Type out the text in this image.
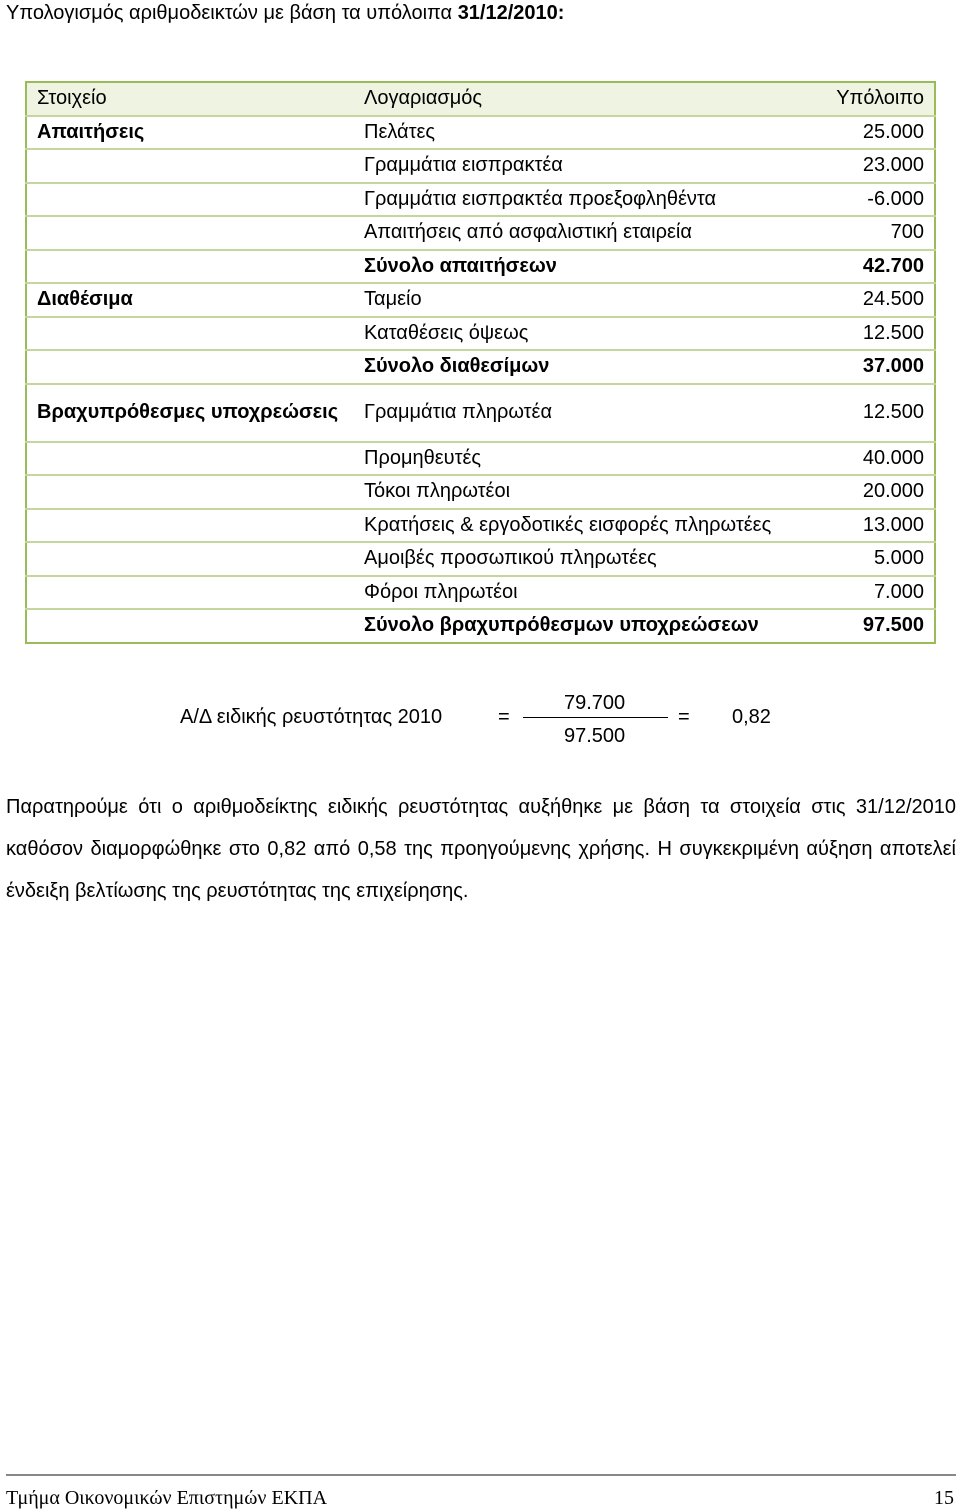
Υπολογισμός αριθμοδεικτών με βάση τα υπόλοιπα 31/12/2010:
Στοιχείο	Λογαριασμός	Υπόλοιπο
Απαιτήσεις	Πελάτες	25.000
	Γραμμάτια εισπρακτέα	23.000
	Γραμμάτια εισπρακτέα προεξοφληθέντα	-6.000
	Απαιτήσεις από ασφαλιστική εταιρεία	700
	Σύνολο απαιτήσεων	42.700
Διαθέσιμα	Ταμείο	24.500
	Καταθέσεις όψεως	12.500
	Σύνολο διαθεσίμων	37.000
Βραχυπρόθεσμες υποχρεώσεις	Γραμμάτια πληρωτέα	12.500
	Προμηθευτές	40.000
	Τόκοι πληρωτέοι	20.000
	Κρατήσεις & εργοδοτικές εισφορές πληρωτέες	13.000
	Αμοιβές προσωπικού πληρωτέες	5.000
	Φόροι πληρωτέοι	7.000
	Σύνολο βραχυπρόθεσμων υποχρεώσεων	97.500
Α/Δ ειδικής ρευστότητας 2010	=
79.700
97.500
= 0,82
Παρατηρούμε ότι ο αριθμοδείκτης ειδικής ρευστότητας αυξήθηκε με βάση τα στοιχεία στις 31/12/2010 καθόσον διαμορφώθηκε στο 0,82 από 0,58 της προηγούμενης χρήσης. Η συγκεκριμένη αύξηση αποτελεί ένδειξη βελτίωσης της ρευστότητας της επιχείρησης.
Τμήμα Οικονομικών Επιστημών ΕΚΠΑ	15
